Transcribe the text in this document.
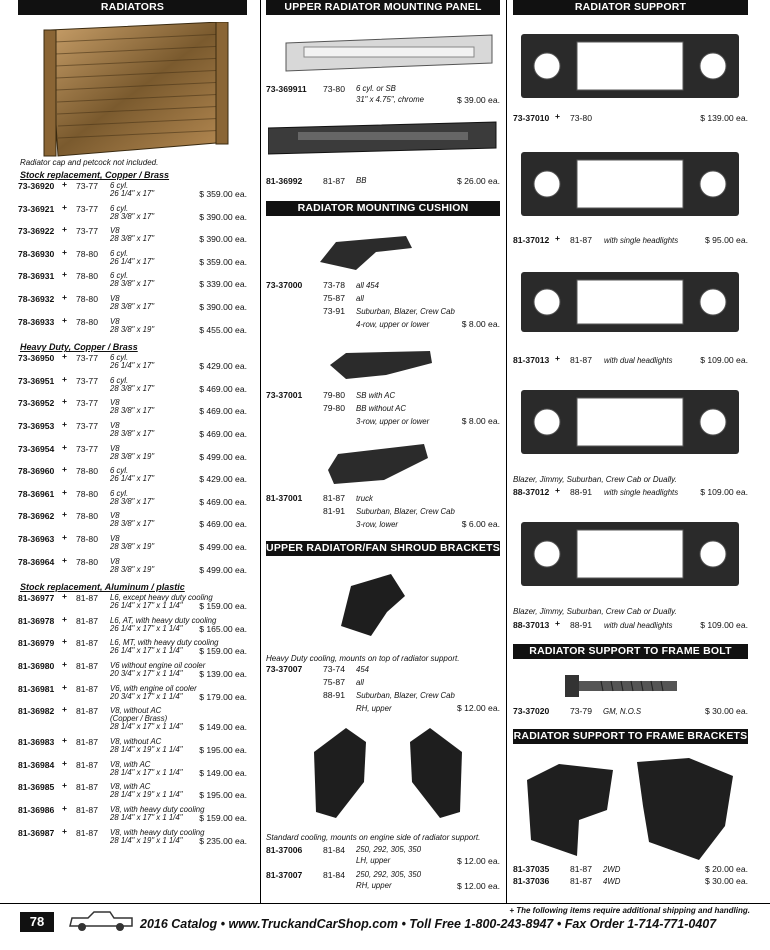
RADIATORS
Radiator cap and petcock not included.
Stock replacement, Copper / Brass
73-36920 + 73-77 6 cyl.
26 1/4" x 17"	$ 359.00 ea.
73-36921 + 73-77 6 cyl.
28 3/8" x 17"	$ 390.00 ea.
73-36922 + 73-77 V8
28 3/8" x 17"	$ 390.00 ea.
78-36930 + 78-80 6 cyl.
26 1/4" x 17"	$ 359.00 ea.
78-36931 + 78-80 6 cyl.
28 3/8" x 17"	$ 339.00 ea.
78-36932 + 78-80 V8
28 3/8" x 17"	$ 390.00 ea.
78-36933 + 78-80 V8
28 3/8" x 19"	$ 455.00 ea.
Heavy Duty, Copper / Brass
73-36950 + 73-77 6 cyl.
26 1/4" x 17"	$ 429.00 ea.
73-36951 + 73-77 6 cyl.
28 3/8" x 17"	$ 469.00 ea.
73-36952 + 73-77 V8
28 3/8" x 17"	$ 469.00 ea.
73-36953 + 73-77 V8
28 3/8" x 17"	$ 469.00 ea.
73-36954 + 73-77 V8
28 3/8" x 19"	$ 499.00 ea.
78-36960 + 78-80 6 cyl.
26 1/4" x 17"	$ 429.00 ea.
78-36961 + 78-80 6 cyl.
28 3/8" x 17"	$ 469.00 ea.
78-36962 + 78-80 V8
28 3/8" x 17"	$ 469.00 ea.
78-36963 + 78-80 V8
28 3/8" x 19"	$ 499.00 ea.
78-36964 + 78-80 V8
28 3/8" x 19"	$ 499.00 ea.
Stock replacement, Aluminum / plastic
81-36977 + 81-87 L6, except heavy duty cooling
26 1/4" x 17" x 1 1/4" $ 159.00 ea.
81-36978 + 81-87 L6, AT, with heavy duty cooling
26 1/4" x 17" x 1 1/4" $ 165.00 ea.
81-36979 + 81-87 L6, MT, with heavy duty cooling
26 1/4" x 17" x 1 1/4" $ 159.00 ea.
81-36980 + 81-87 V6 without engine oil cooler
20 3/4" x 17" x 1 1/4" $ 139.00 ea.
81-36981 + 81-87 V6, with engine oil cooler
20 3/4" x 17" x 1 1/4" $ 179.00 ea.
81-36982 + 81-87 V8, without AC
(Copper / Brass)
28 1/4" x 17" x 1 1/4" $ 149.00 ea.
81-36983 + 81-87 V8, without AC
28 1/4" x 19" x 1 1/4" $ 195.00 ea.
81-36984 + 81-87 V8, with AC
28 1/4" x 17" x 1 1/4" $ 149.00 ea.
81-36985 + 81-87 V8, with AC
28 1/4" x 19" x 1 1/4" $ 195.00 ea.
81-36986 + 81-87 V8, with heavy duty cooling
28 1/4" x 17" x 1 1/4" $ 159.00 ea.
81-36987 + 81-87 V8, with heavy duty cooling
28 1/4" x 19" x 1 1/4" $ 235.00 ea.
UPPER RADIATOR MOUNTING PANEL
73-369911 73-80 6 cyl. or SB
31" x 4.75", chrome	$ 39.00 ea.
81-36992 81-87 BB	$ 26.00 ea.
RADIATOR MOUNTING CUSHION
73-37000 73-78 all 454
75-87 all
73-91 Suburban, Blazer, Crew Cab
4-row, upper or lower	$ 8.00 ea.
73-37001 79-80 SB with AC
79-80 BB without AC
3-row, upper or lower	$ 8.00 ea.
81-37001 81-87 truck
81-91 Suburban, Blazer, Crew Cab
3-row, lower	$ 6.00 ea.
UPPER RADIATOR/FAN SHROUD BRACKETS
Heavy Duty cooling, mounts on top of radiator support.
73-37007 73-74 454
75-87 all
88-91 Suburban, Blazer, Crew Cab
RH, upper	$ 12.00 ea.
Standard cooling, mounts on engine side of radiator support.
81-37006 81-84 250, 292, 305, 350
LH, upper	$ 12.00 ea.
81-37007 81-84 250, 292, 305, 350
RH, upper	$ 12.00 ea.
RADIATOR SUPPORT
73-37010 + 73-80	$ 139.00 ea.
81-37012 + 81-87 with single headlights	$ 95.00 ea.
81-37013 + 81-87 with dual headlights	$ 109.00 ea.
Blazer, Jimmy, Suburban, Crew Cab or Dually.
88-37012 + 88-91 with single headlights	$ 109.00 ea.
Blazer, Jimmy, Suburban, Crew Cab or Dually.
88-37013 + 88-91 with dual headlights	$ 109.00 ea.
RADIATOR SUPPORT TO FRAME BOLT
73-37020 73-79 GM, N.O.S	$ 30.00 ea.
RADIATOR SUPPORT TO FRAME BRACKETS
81-37035 81-87 2WD	$ 20.00 ea.
81-37036 81-87 4WD	$ 30.00 ea.
+ The following items require additional shipping and handling.
78	2016 Catalog • www.TruckandCarShop.com • Toll Free 1-800-243-8947 • Fax Order 1-714-771-0407
